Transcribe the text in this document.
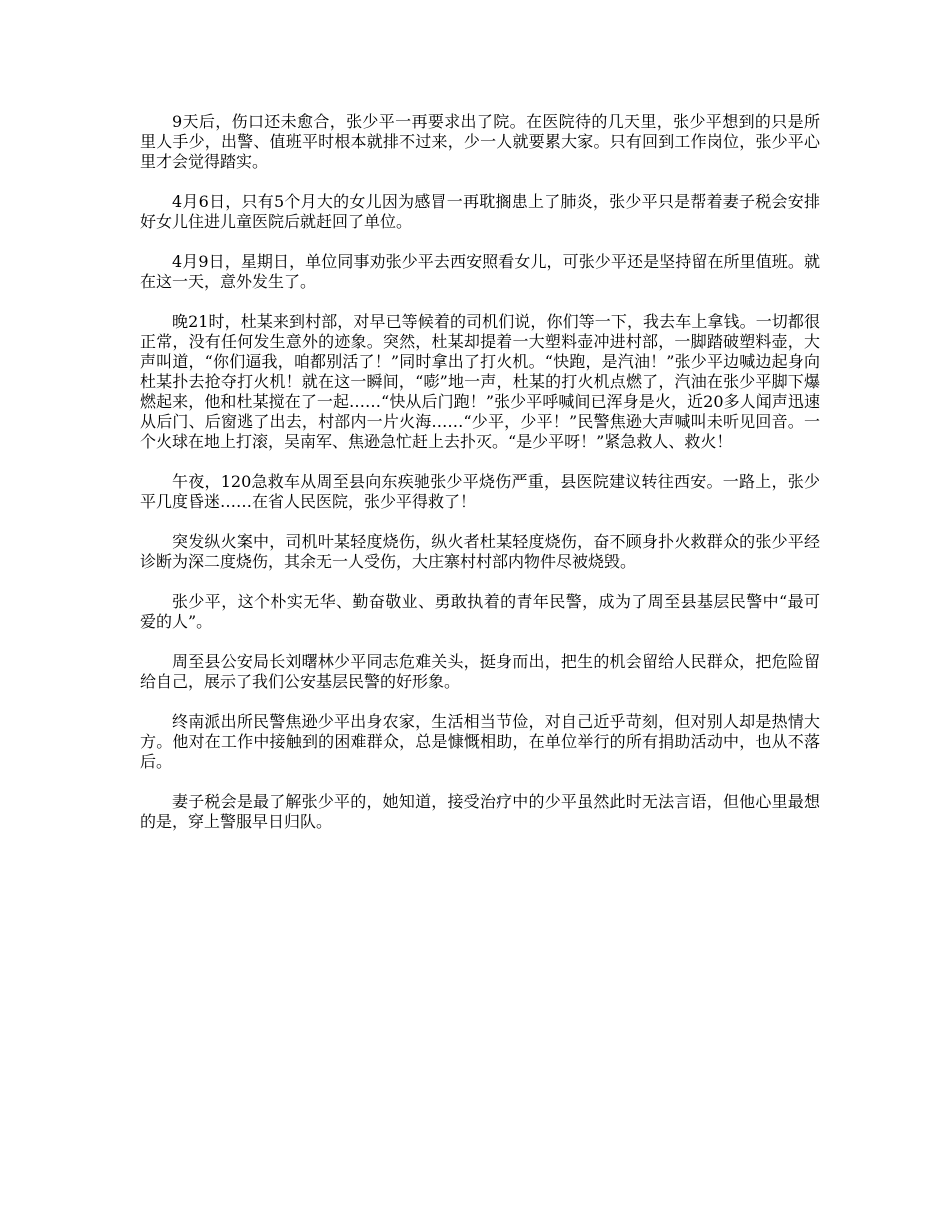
9天后，伤口还未愈合，张少平一再要求出了院。在医院待的几天里，张少平想到的只是所里人手少，出警、值班平时根本就排不过来，少一人就要累大家。只有回到工作岗位，张少平心里才会觉得踏实。

4月6日，只有5个月大的女儿因为感冒一再耽搁患上了肺炎，张少平只是帮着妻子税会安排好女儿住进儿童医院后就赶回了单位。

4月9日，星期日，单位同事劝张少平去西安照看女儿，可张少平还是坚持留在所里值班。就在这一天，意外发生了。

晚21时，杜某来到村部，对早已等候着的司机们说，你们等一下，我去车上拿钱。一切都很正常，没有任何发生意外的迹象。突然，杜某却提着一大塑料壶冲进村部，一脚踏破塑料壶，大声叫道，“你们逼我，咱都别活了！”同时拿出了打火机。“快跑，是汽油！”张少平边喊边起身向杜某扑去抢夺打火机！就在这一瞬间，“嘭”地一声，杜某的打火机点燃了，汽油在张少平脚下爆燃起来，他和杜某搅在了一起……“快从后门跑！”张少平呼喊间已浑身是火，近20多人闻声迅速从后门、后窗逃了出去，村部内一片火海……“少平，少平！”民警焦逊大声喊叫未听见回音。一个火球在地上打滚，吴南军、焦逊急忙赶上去扑灭。“是少平呀！”紧急救人、救火！

午夜，120急救车从周至县向东疾驰张少平烧伤严重，县医院建议转往西安。一路上，张少平几度昏迷……在省人民医院，张少平得救了！

突发纵火案中，司机叶某轻度烧伤，纵火者杜某轻度烧伤，奋不顾身扑火救群众的张少平经诊断为深二度烧伤，其余无一人受伤，大庄寨村村部内物件尽被烧毁。

张少平，这个朴实无华、勤奋敬业、勇敢执着的青年民警，成为了周至县基层民警中“最可爱的人”。

周至县公安局长刘曙林少平同志危难关头，挺身而出，把生的机会留给人民群众，把危险留给自己，展示了我们公安基层民警的好形象。

终南派出所民警焦逊少平出身农家，生活相当节俭，对自己近乎苛刻，但对别人却是热情大方。他对在工作中接触到的困难群众，总是慷慨相助，在单位举行的所有捐助活动中，也从不落后。

妻子税会是最了解张少平的，她知道，接受治疗中的少平虽然此时无法言语，但他心里最想的是，穿上警服早日归队。
